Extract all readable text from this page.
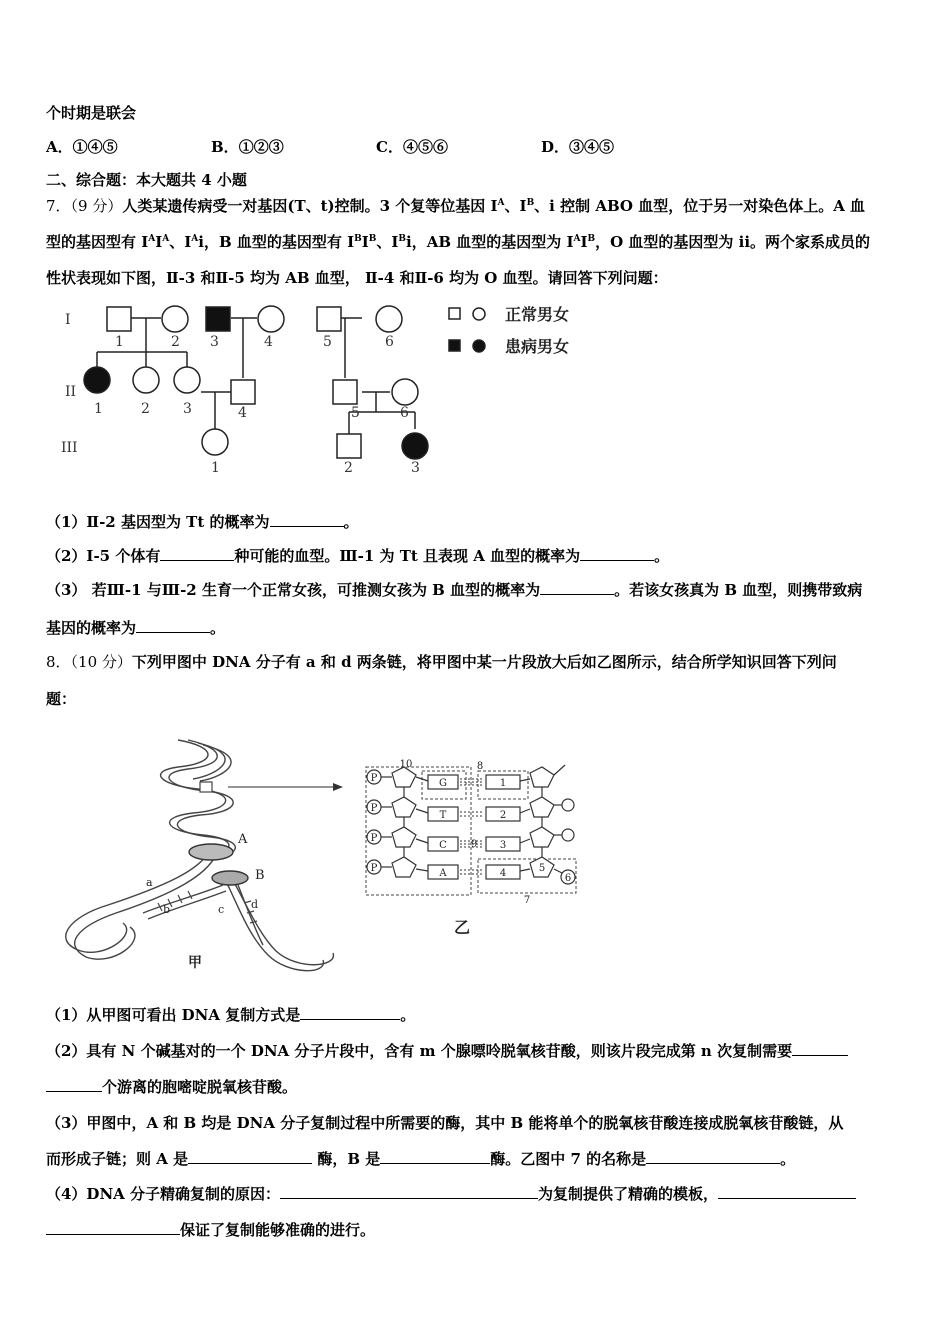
个时期是联会
A．①④⑤	B．①②③	C．④⑤⑥	D．③④⑤
二、综合题：本大题共 4 小题
7．（9 分）人类某遗传病受一对基因(T、t)控制。3 个复等位基因 $I^A$、$I^B$、i 控制 ABO 血型，位于另一对染色体上。A 血
型的基因型有 $I^AI^A$、$I^Ai$，B 血型的基因型有 $I^BI^B$、$I^Bi$，AB 血型的基因型为 $I^AI^B$，O 血型的基因型为 ii。两个家系成员的
性状表现如下图，Ⅱ-3 和Ⅱ-5 均为 AB 血型， Ⅱ-4 和Ⅱ-6 均为 O 血型。请回答下列问题：
I
II
III
1	2 3	4	5	6
1	2 3	4	5	6
1	2	3
正常男女
患病男女
（1）Ⅱ-2 基因型为 Tt 的概率为	。
（2）Ⅰ-5 个体有	种可能的血型。Ⅲ-1 为 Tt 且表现 A 血型的概率为	。
（3） 若Ⅲ-1 与Ⅲ-2 生育一个正常女孩，可推测女孩为 B 血型的概率为	。若该女孩真为 B 血型，则携带致病
基因的概率为	。
8．（10 分）下列甲图中 DNA 分子有 a 和 d 两条链，将甲图中某一片段放大后如乙图所示，结合所学知识回答下列问
题：
A
B
a
b	c d
甲
P
P
P
P
G
T
C
A
1
2
3
4
10	8
7
5
6
9
乙
（1）从甲图可看出 DNA 复制方式是	。
（2）具有 N 个碱基对的一个 DNA 分子片段中，含有 m 个腺嘌呤脱氧核苷酸，则该片段完成第 n 次复制需要
个游离的胞嘧啶脱氧核苷酸。
（3）甲图中，A 和 B 均是 DNA 分子复制过程中所需要的酶，其中 B 能将单个的脱氧核苷酸连接成脱氧核苷酸链，从
而形成子链；则 A 是	酶，B 是	酶。乙图中 7 的名称是	。
（4）DNA 分子精确复制的原因：	为复制提供了精确的模板，
保证了复制能够准确的进行。
